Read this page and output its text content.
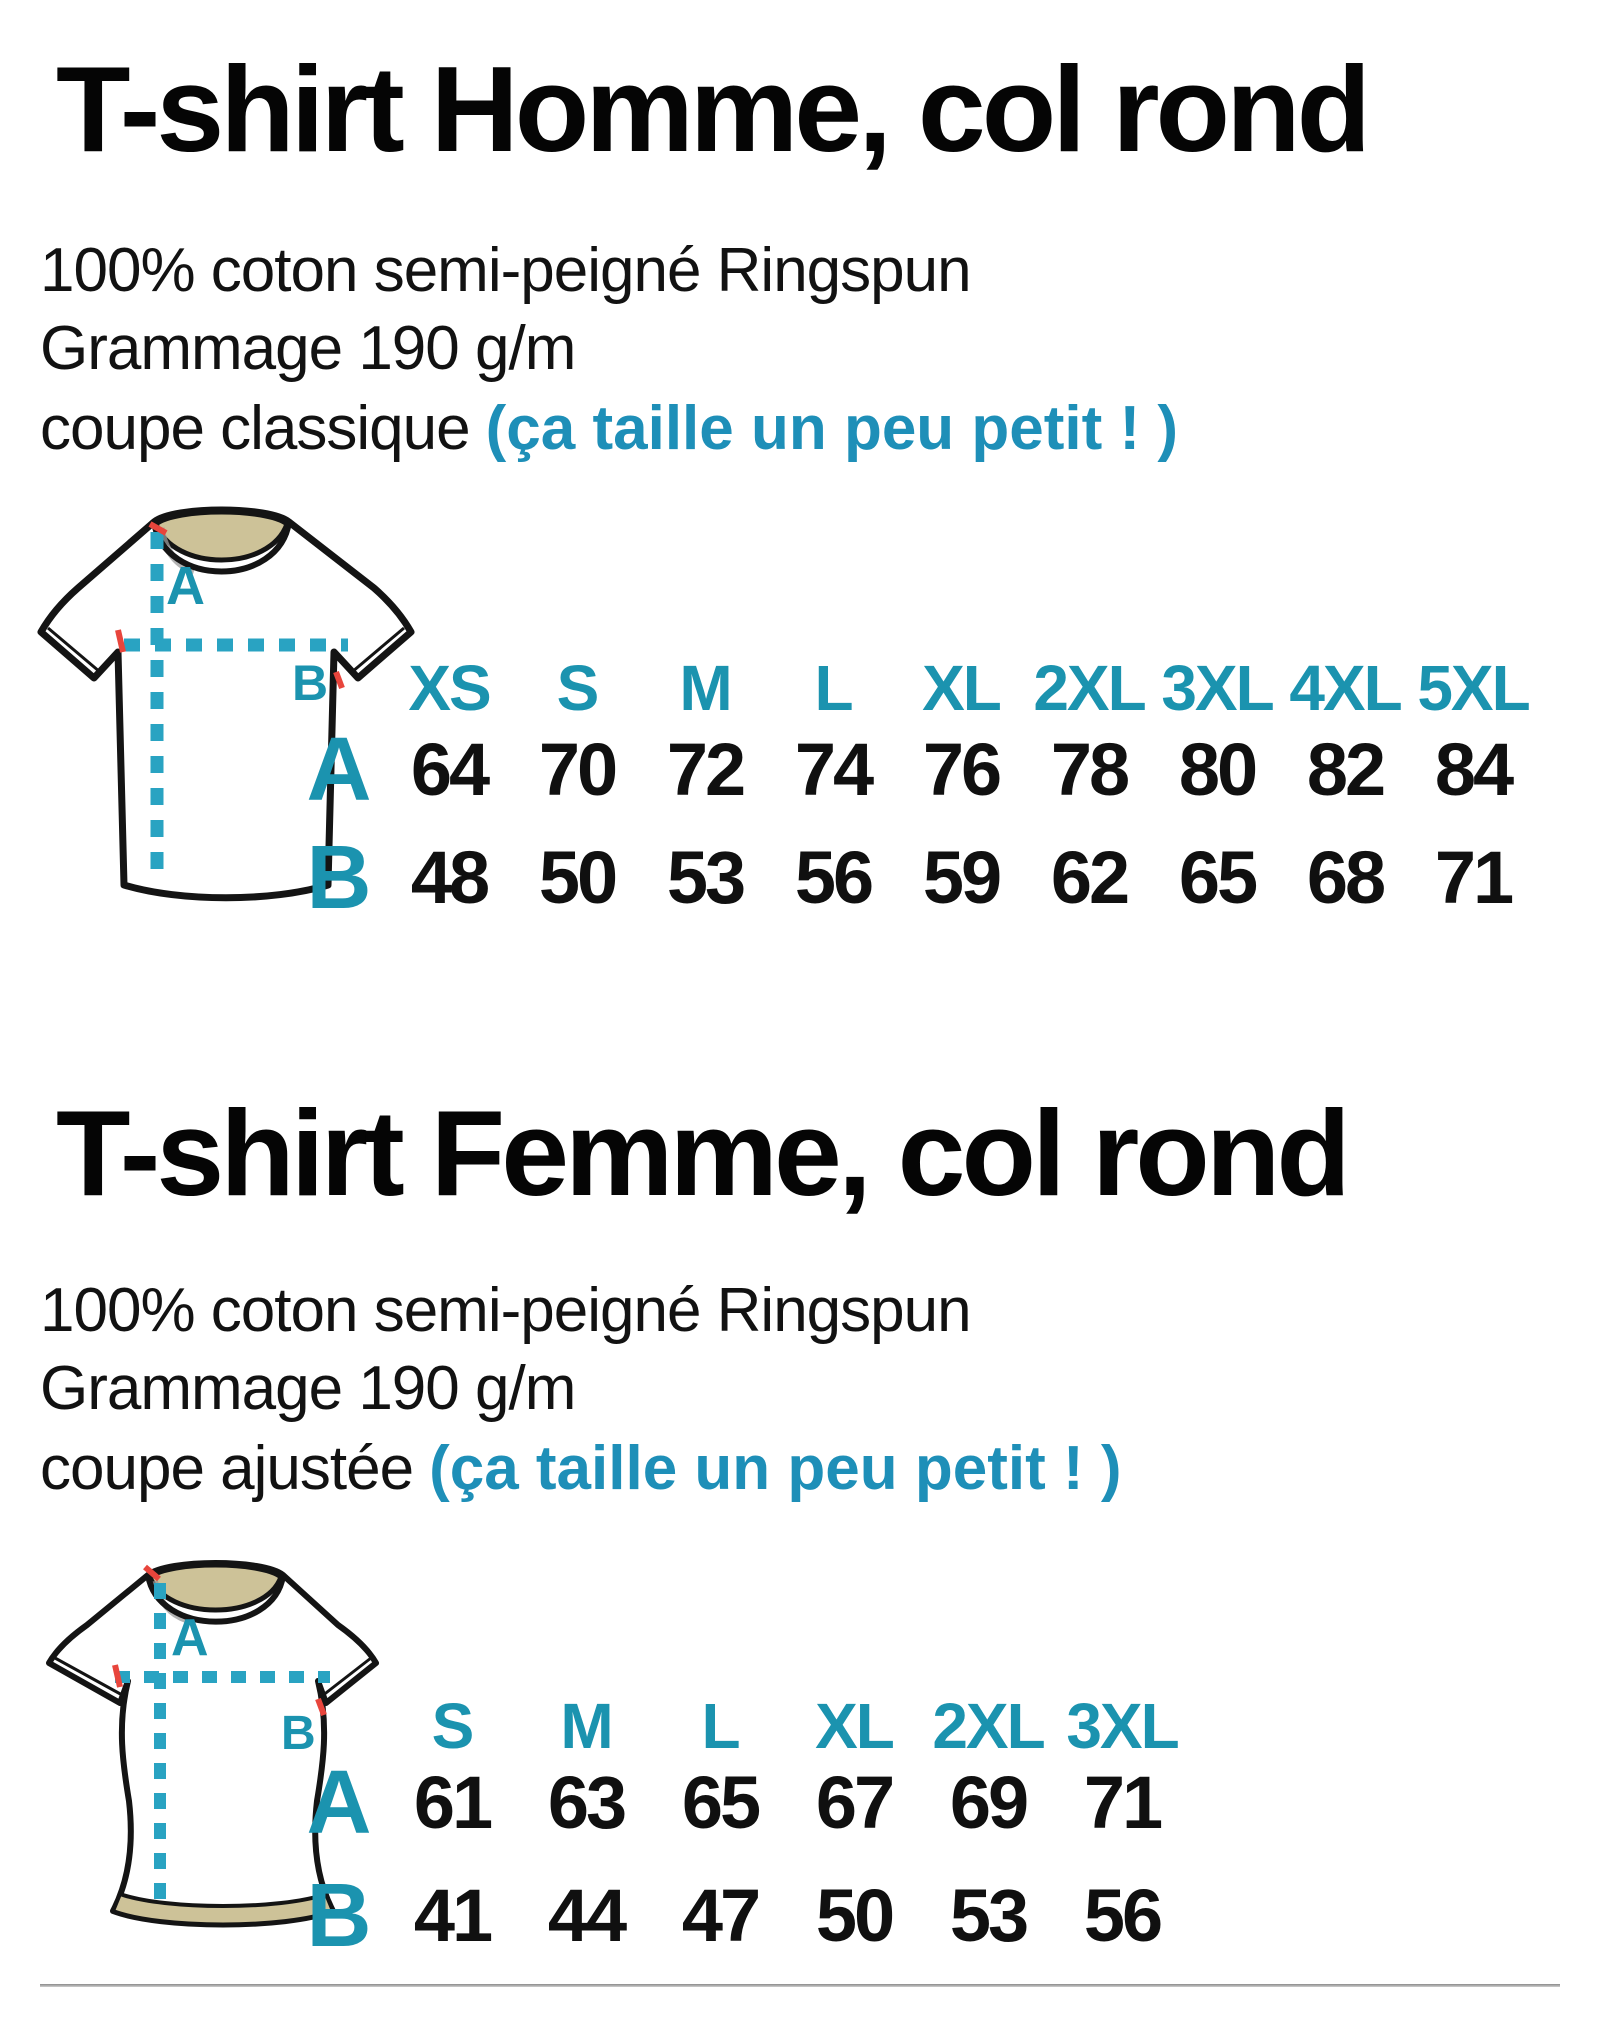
T-shirt Homme, col rond
100% coton semi-peigné Ringspun
Grammage 190 g/m
coupe classique (ça taille un peu petit ! )
A
B XS S M L XL 2XL 3XL 4XL 5XL
A 64 70 72 74 76 78 80 82 84
B 48 50 53 56 59 62 65 68 71
T-shirt Femme, col rond
100% coton semi-peigné Ringspun
Grammage 190 g/m
coupe ajustée (ça taille un peu petit ! )
A
B S M L XL 2XL 3XL
A 61 63 65 67 69 71
B 41 44 47 50 53 56
